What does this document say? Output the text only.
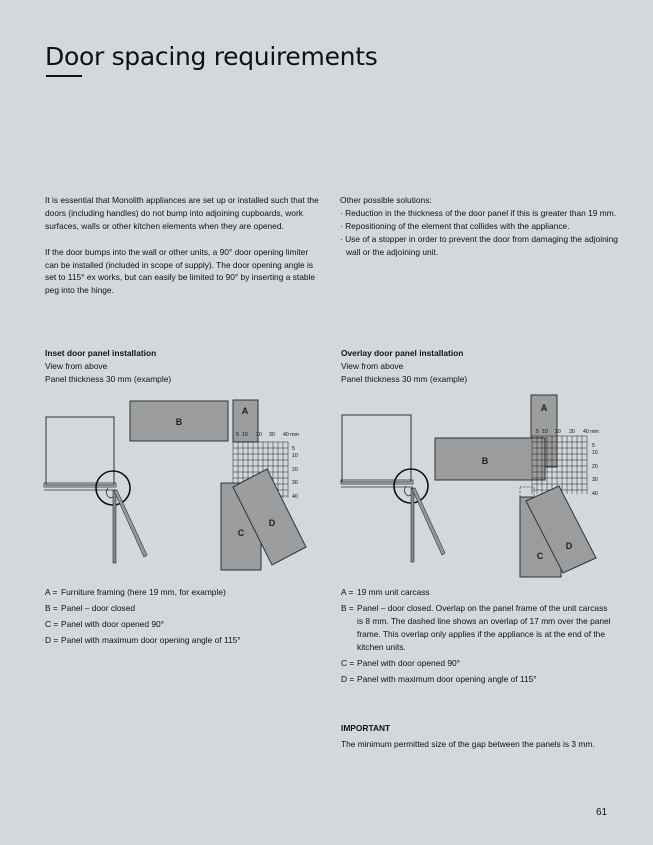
Door spacing requirements

It is essential that Monolith appliances are set up or installed such that the doors (including handles) do not bump into adjoining cupboards, work surfaces, walls or other kitchen elements when they are opened.

If the door bumps into the wall or other units, a 90° door opening limiter can be installed (included in scope of supply). The door opening angle is set to 115° ex works, but can easily be limited to 90° by inserting a stable peg into the hinge.

Other possible solutions:

· Reduction in the thickness of the door panel if this is greater than 19 mm.

· Repositioning of the element that collides with the appliance.

· Use of a stopper in order to prevent the door from damaging the adjoining wall or the adjoining unit.

Inset door panel installation
View from above
Panel thickness 30 mm (example)
Overlay door panel installation
View from above
Panel thickness 30 mm (example)
B
A
5 10 20 30 40 mm
5
10
20
30
40
C
D
A
B
5 10 20 30 40 mm
5
10
20
30
40
C
D
A = Furniture framing (here 19 mm, for example)
B = Panel – door closed
C = Panel with door opened 90°
D = Panel with maximum door opening angle of 115°
A = 19 mm unit carcass
B = Panel – door closed. Overlap on the panel frame of the unit carcass is 8 mm. The dashed line shows an overlap of 17 mm over the panel frame. This overlap only applies if the appliance is at the end of the kitchen units.
C = Panel with door opened 90°
D = Panel with maximum door opening angle of 115°
IMPORTANT
The minimum permitted size of the gap between the panels is 3 mm.
61
